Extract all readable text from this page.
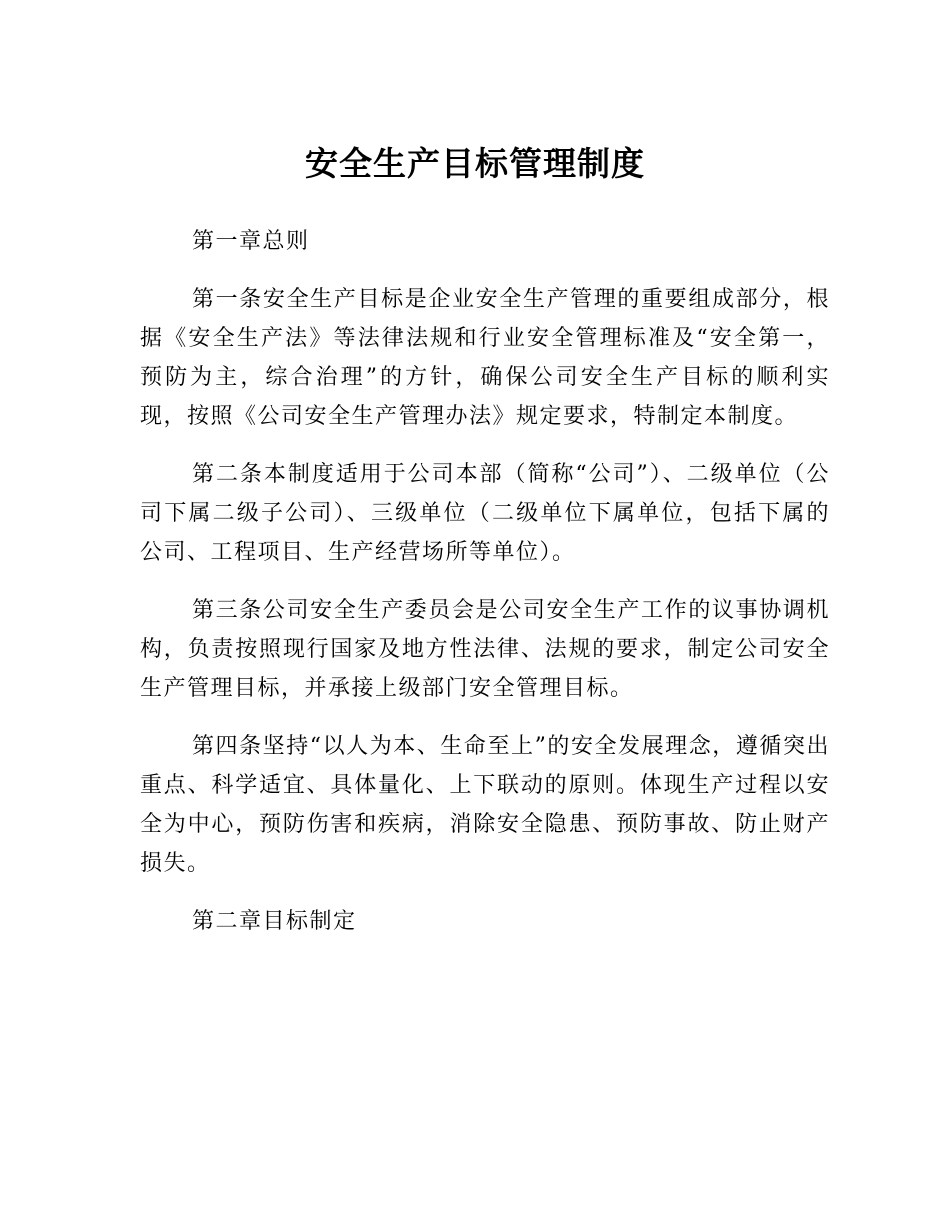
安全生产目标管理制度

第一章总则

第一条安全生产目标是企业安全生产管理的重要组成部分，根据《安全生产法》等法律法规和行业安全管理标准及“安全第一，预防为主，综合治理”的方针，确保公司安全生产目标的顺利实现，按照《公司安全生产管理办法》规定要求，特制定本制度。

第二条本制度适用于公司本部（简称“公司”）、二级单位（公司下属二级子公司）、三级单位（二级单位下属单位，包括下属的公司、工程项目、生产经营场所等单位）。

第三条公司安全生产委员会是公司安全生产工作的议事协调机构，负责按照现行国家及地方性法律、法规的要求，制定公司安全生产管理目标，并承接上级部门安全管理目标。

第四条坚持“以人为本、生命至上”的安全发展理念，遵循突出重点、科学适宜、具体量化、上下联动的原则。体现生产过程以安全为中心，预防伤害和疾病，消除安全隐患、预防事故、防止财产损失。

第二章目标制定
